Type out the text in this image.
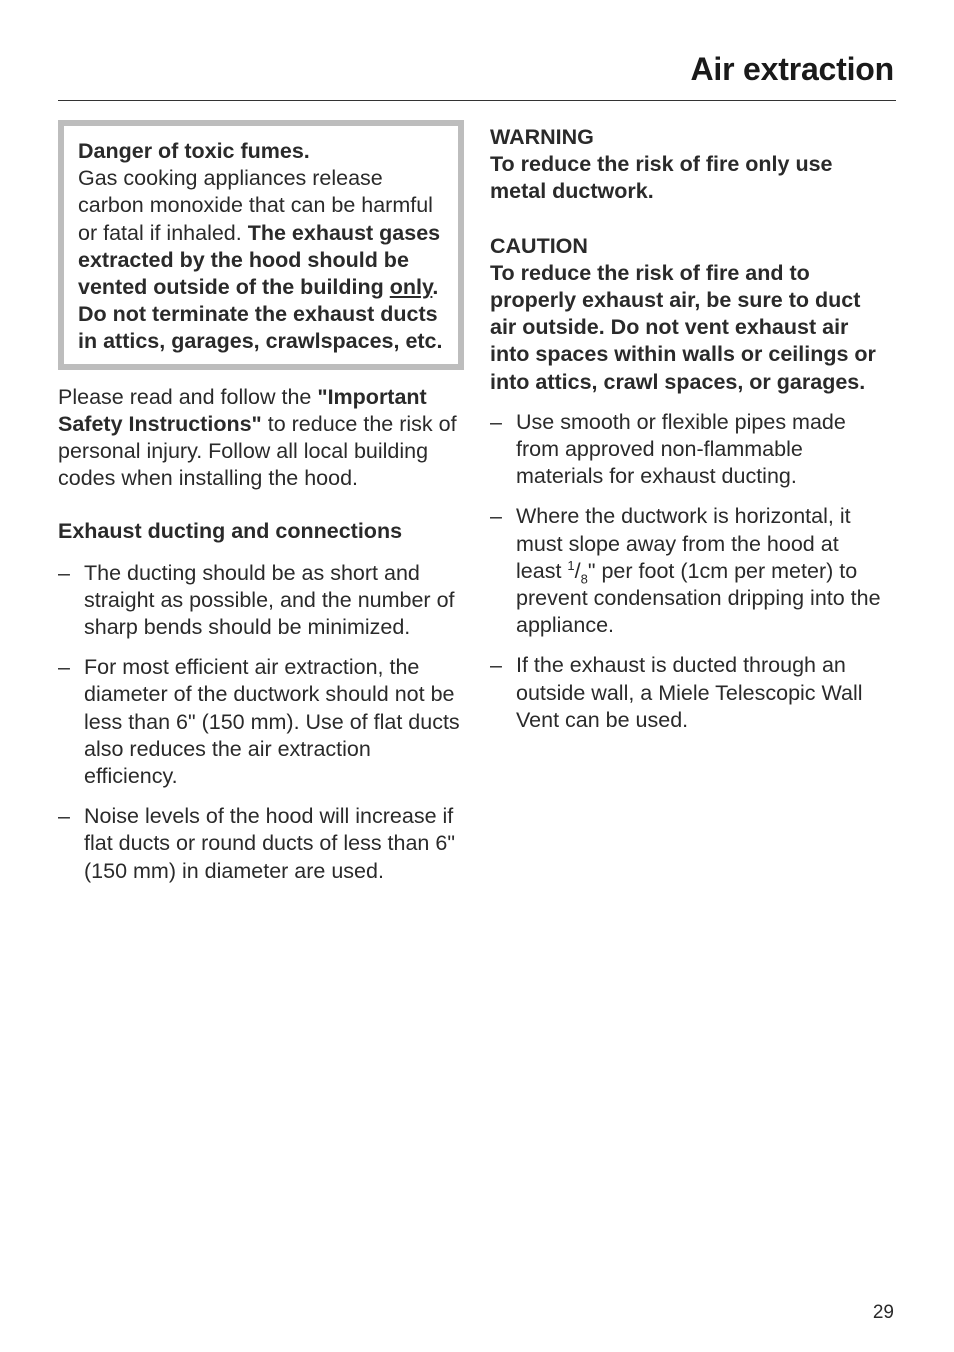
Air extraction

Danger of toxic fumes.
Gas cooking appliances release carbon monoxide that can be harmful or fatal if inhaled. The exhaust gases extracted by the hood should be vented outside of the building only.
Do not terminate the exhaust ducts in attics, garages, crawlspaces, etc.

Please read and follow the "Important Safety Instructions" to reduce the risk of personal injury. Follow all local building codes when installing the hood.

Exhaust ducting and connections

– The ducting should be as short and straight as possible, and the number of sharp bends should be minimized.
– For most efficient air extraction, the diameter of the ductwork should not be less than 6" (150 mm). Use of flat ducts also reduces the air extraction efficiency.
– Noise levels of the hood will increase if flat ducts or round ducts of less than 6" (150 mm) in diameter are used.

WARNING

To reduce the risk of fire only use metal ductwork.

CAUTION

To reduce the risk of fire and to properly exhaust air, be sure to duct air outside. Do not vent exhaust air into spaces within walls or ceilings or into attics, crawl spaces, or garages.

– Use smooth or flexible pipes made from approved non-flammable materials for exhaust ducting.
– Where the ductwork is horizontal, it must slope away from the hood at least $^1/_8$" per foot (1cm per meter) to prevent condensation dripping into the appliance.
– If the exhaust is ducted through an outside wall, a Miele Telescopic Wall Vent can be used.
29
